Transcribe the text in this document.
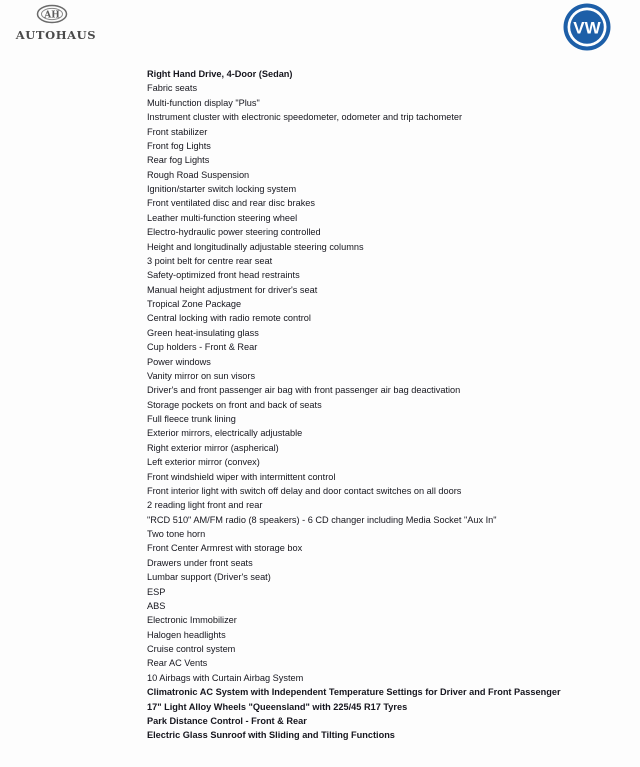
AH
AUTOHAUS	VW
Right Hand Drive, 4-Door (Sedan)
Fabric seats
Multi-function display "Plus"
Instrument cluster with electronic speedometer, odometer and trip tachometer
Front stabilizer
Front fog Lights
Rear fog Lights
Rough Road Suspension
Ignition/starter switch locking system
Front ventilated disc and rear disc brakes
Leather multi-function steering wheel
Electro-hydraulic power steering controlled
Height and longitudinally adjustable steering columns
3 point belt for centre rear seat
Safety-optimized front head restraints
Manual height adjustment for driver's seat
Tropical Zone Package
Central locking with radio remote control
Green heat-insulating glass
Cup holders - Front & Rear
Power windows
Vanity mirror on sun visors
Driver's and front passenger air bag with front passenger air bag deactivation
Storage pockets on front and back of seats
Full fleece trunk lining
Exterior mirrors, electrically adjustable
Right exterior mirror (aspherical)
Left exterior mirror (convex)
Front windshield wiper with intermittent control
Front interior light with switch off delay and door contact switches on all doors
2 reading light front and rear
"RCD 510" AM/FM radio (8 speakers) - 6 CD changer including Media Socket "Aux In"
Two tone horn
Front Center Armrest with storage box
Drawers under front seats
Lumbar support (Driver's seat)
ESP
ABS
Electronic Immobilizer
Halogen headlights
Cruise control system
Rear AC Vents
10 Airbags with Curtain Airbag System
Climatronic AC System with Independent Temperature Settings for Driver and Front Passenger
17" Light Alloy Wheels "Queensland" with 225/45 R17 Tyres
Park Distance Control - Front & Rear
Electric Glass Sunroof with Sliding and Tilting Functions
